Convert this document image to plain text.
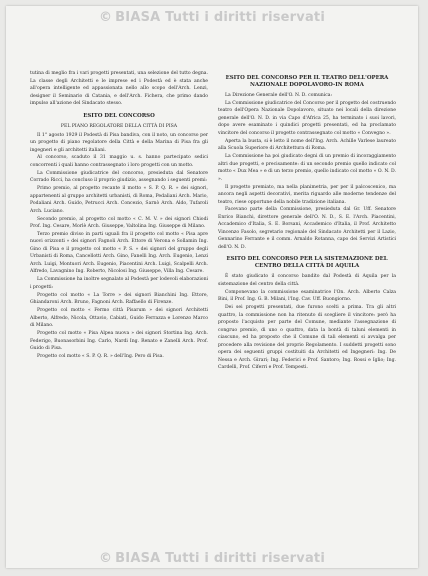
© BIASA Tutti i diritti riservati

tutina di meglio fra i vari progetti presentati, una selezione del tutto degna. La classe degli Architetti e le imprese ed i Podestà ed è stata anche all'opera intelligente ed appassionata nello allo scopo dell'Arch. Lenzi, designer il Seminario di Catania, e dell'Arch. Fichera, che primo dando impulso all'azione del Sindacato stesso.

ESITO DEL CONCORSO
PEL PIANO REGOLATORE DELLA CITTÀ DI PISA

Il 1° agosto 1929 il Podestà di Pisa bandiva, con il noto, un concorso per un progetto di piano regolatore della Città e della Marina di Pisa fra gli ingegneri e gli architetti italiani.

Al concorso, scaduto il 31 maggio u. s. hanno partecipato sedici concorrenti i quali hanno contrassegnato i loro progetti con un motto.

La Commissione giudicatrice del concorso, presieduta dal Senatore Corrado Ricci, ha concluso il proprio giudizio, assegnando i seguenti premi:

Primo premio, al progetto recante il motto « S. P. Q. R. » dei signori, appartenenti al gruppo architetti urbanisti, di Roma, Pedaliani Arch. Mario, Podaliani Arch. Guido, Petrucci Arch. Concezio, Sarnò Arch. Aldo, Tufaroli Arch. Luciano.

Secondo premio, al progetto col motto « C. M. V. » dei signori Chiodi Prof. Ing. Cesare, Morlè Arch. Giuseppe, Valtolina Ing. Giuseppe di Milano.

Terzo premio diviso in parti uguali fra il progetto col motto « Pisa apre nuovi orizzonti » dei signori Fagnoli Arch. Ettore di Verona e Sollamin Ing. Gino di Pisa e il progetto col motto « P. S. » dei signori del gruppo degli Urbanisti di Roma, Cancellotti Arch. Gino, Fanelli Ing. Arch. Eugenio, Lenzi Arch. Luigi, Montuori Arch. Eugenio, Piacentini Arch. Luigi, Scalpelli Arch. Alfredo, Lavagnino Ing. Roberto, Nicolosi Ing. Giuseppe, Villa Ing. Cesare.

La Commissione ha inoltre segnalato al Podestà per lodevoli elaborazioni i progetti:

Progetto col motto « La Torre » dei signori Bianchini Ing. Ettore, Ghiandaroni Arch. Bruno, Fagnoni Arch. Raffaello di Firenze.

Progetto col motto « Fermo città Pisarum » dei signori Architetti Alberto, Alfredo, Nicola, Ottavio, Cabiati, Guido Ferrazza e Lorenzo Marco di Milano.

Progetto col motto « Pisa Alpea nuova » dei signori Stortina Ing. Arch. Federigo, Buonasorbini Ing. Carlo, Nardi Ing. Renato e Zanelli Arch. Prof. Guido di Pisa.

Progetto col motto « S. P. Q. R. » dell'Ing. Pero di Pisa.

ESITO DEL CONCORSO PER IL TEATRO DELL'OPERA NAZIONALE DOPOLAVORO-IN ROMA

La Direzione Generale dell'O. N. D. comunica:

La Commissione giudicatrice del Concorso per il progetto del costruendo teatro dell'Opera Nazionale Dopolavoro, situato nei locali della direzione generale dell'O. N. D. in via Capo d'Africa 25, ha terminato i suoi lavori, dopo avere esaminato i quindici progetti presentati, ed ha proclamato vincitore del concorso il progetto contrassegnato col motto « Convegno ».

Aperta la busta, si è letto il nome dell'Ing. Arch. Achille Varlese laureato alla Scuola Superiore di Architettura di Roma.

La Commissione ha poi giudicato degni di un premio di incoraggiamento altri due progetti, e precisamente: di un secondo premio quello indicato col motto « Dux Mea » e di un terzo premio, quello indicato col motto « O. N. D. ».

Il progetto premiato, ma nella planimetria, per per il palcoscenico, ma ancora negli aspetti decorativi, merita riguardo alle moderne tendenze del teatro, riese opportune della nobile tradizione italiana.

Facevano parte della Commissione, presieduta dal Gr. Uff. Senatore Enrico Bianchi, direttore generale dell'O. N. D., S. E. l'Arch. Piacentini, Accademico d'Italia, S. E. Borsani, Accademico d'Italia, il Prof. Architetto Vincenzo Fasolo, segretario regionale del Sindacato Architetti per il Lazio, Gennarino Ferrante e il comm. Arnaldo Rotanna, capo dei Servizi Artistici dell'O. N. D.

ESITO DEL CONCORSO PER LA SISTEMAZIONE DEL CENTRO DELLA CITTÀ DI AQUILA

È stato giudicato il concorso bandito dal Podestà di Aquila per la sistemazione del centro della città.

Componevano la commissione esaminatrice l'On. Arch. Alberto Calza Bini, il Prof. Ing. G. B. Milani, l'Ing. Cav. Uff. Buongiorno.

Dei sei progetti presentati, due furono scelti a prima. Tra gli altri quattro, la commissione non ha ritenuto di scegliere il vincitore: però ha proposto l'acquisto per parte del Comune, mediante l'assegnazione di congruo premio, di uno o quattro, data la bontà di taluni elementi in ciascuno, ed ha proposto che il Comune di tali elementi si avvalga per procedere alla revisione del proprio Regolamento. I suddetti progetti sono opera dei seguenti gruppi costituiti da Architetti ed Ingegneri: Ing. De Nessa e Arch. Girari; Ing. Federici e Prof. Santoro; Ing. Rossi e Iglio; Ing. Cardelli, Prof. Ciferri e Prof. Tempesti.

© BIASA Tutti i diritti riservati
